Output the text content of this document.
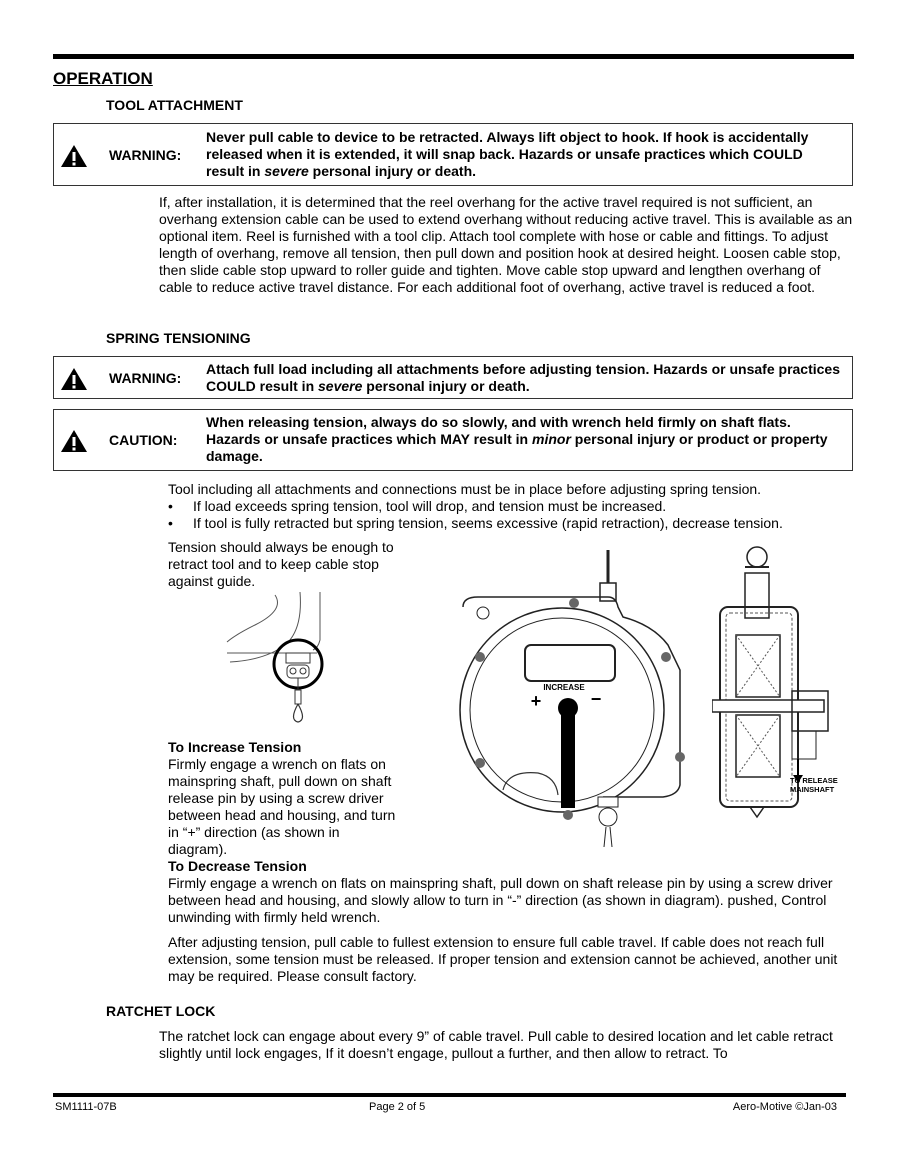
OPERATION
TOOL ATTACHMENT
WARNING:
Never pull cable to device to be retracted. Always lift object to hook. If hook is accidentally released when it is extended, it will snap back. Hazards or unsafe practices which COULD result in severe personal injury or death.
If, after installation, it is determined that the reel overhang for the active travel required is not sufficient, an overhang extension cable can be used to extend overhang without reducing active travel. This is available as an optional item. Reel is furnished with a tool clip. Attach tool complete with hose or cable and fittings. To adjust length of overhang, remove all tension, then pull down and position hook at desired height. Loosen cable stop, then slide cable stop upward to roller guide and tighten. Move cable stop upward and lengthen overhang of cable to reduce active travel distance. For each additional foot of overhang, active travel is reduced a foot.
SPRING TENSIONING
WARNING:
Attach full load including all attachments before adjusting tension. Hazards or unsafe practices COULD result in severe personal injury or death.
CAUTION:
When releasing tension, always do so slowly, and with wrench held firmly on shaft flats. Hazards or unsafe practices which MAY result in minor personal injury or product or property damage.
Tool including all attachments and connections must be in place before adjusting spring tension.
• If load exceeds spring tension, tool will drop, and tension must be increased.
• If tool is fully retracted but spring tension, seems excessive (rapid retraction), decrease tension.
Tension should always be enough to retract tool and to keep cable stop against guide.
INCREASE
+	−
TO RELEASE
MAINSHAFT
To Increase Tension
Firmly engage a wrench on flats on mainspring shaft, pull down on shaft release pin by using a screw driver between head and housing, and turn in “+” direction (as shown in diagram).
To Decrease Tension
Firmly engage a wrench on flats on mainspring shaft, pull down on shaft release pin by using a screw driver between head and housing, and slowly allow to turn in “-” direction (as shown in diagram). pushed, Control unwinding with firmly held wrench.
After adjusting tension, pull cable to fullest extension to ensure full cable travel. If cable does not reach full extension, some tension must be released. If proper tension and extension cannot be achieved, another unit may be required. Please consult factory.
RATCHET LOCK
The ratchet lock can engage about every 9” of cable travel. Pull cable to desired location and let cable retract slightly until lock engages, If it doesn’t engage, pullout a further, and then allow to retract. To
SM1111-07B	Page 2 of 5	Aero-Motive ©Jan-03
